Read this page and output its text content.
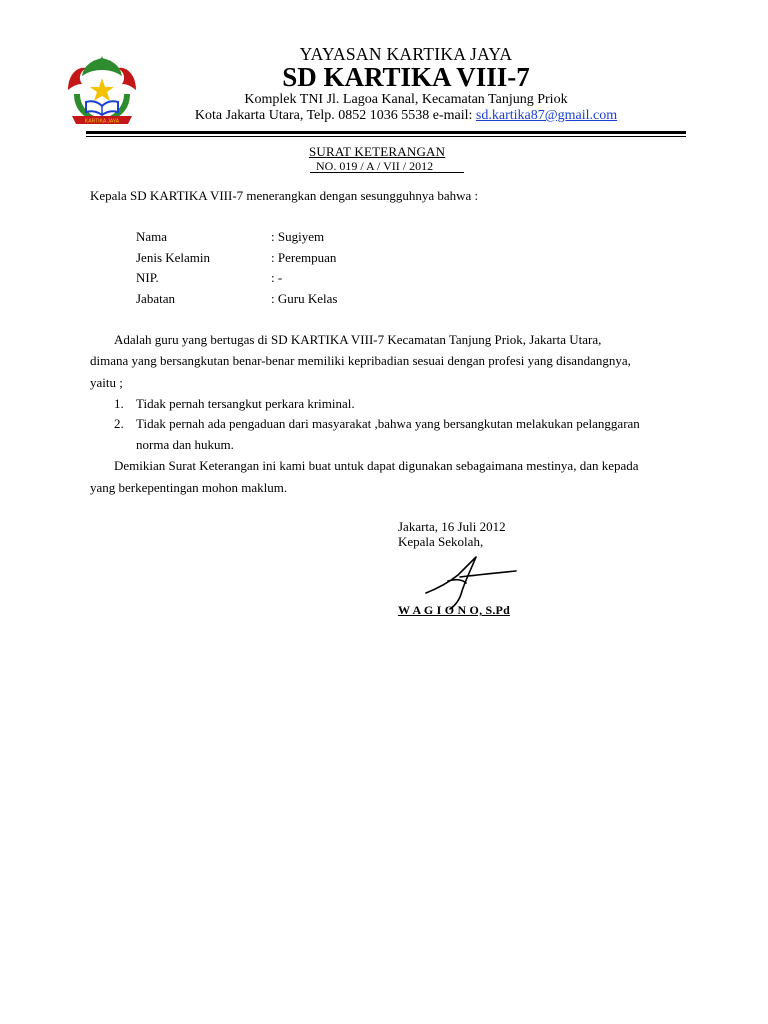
KARTIKA JAYA
YAYASAN KARTIKA JAYA
SD KARTIKA VIII-7
Komplek TNI Jl. Lagoa Kanal, Kecamatan Tanjung Priok
Kota Jakarta Utara, Telp. 0852 1036 5538 e-mail: sd.kartika87@gmail.com
SURAT KETERANGAN
NO. 019 / A / VII / 2012
Kepala SD KARTIKA VIII-7 menerangkan dengan sesungguhnya bahwa :
Nama	: Sugiyem
Jenis Kelamin	: Perempuan
NIP.	: -
Jabatan	: Guru Kelas
Adalah guru yang bertugas di SD KARTIKA VIII-7 Kecamatan Tanjung Priok, Jakarta Utara,
dimana yang bersangkutan benar-benar memiliki kepribadian sesuai dengan profesi yang disandangnya,
yaitu ;
1. Tidak pernah tersangkut perkara kriminal.
2. Tidak pernah ada pengaduan dari masyarakat ,bahwa yang bersangkutan melakukan pelanggaran
norma dan hukum.
Demikian Surat Keterangan ini kami buat untuk dapat digunakan sebagaimana mestinya, dan kepada
yang berkepentingan mohon maklum.
Jakarta, 16 Juli 2012
Kepala Sekolah,
W A G I O N O, S.Pd
